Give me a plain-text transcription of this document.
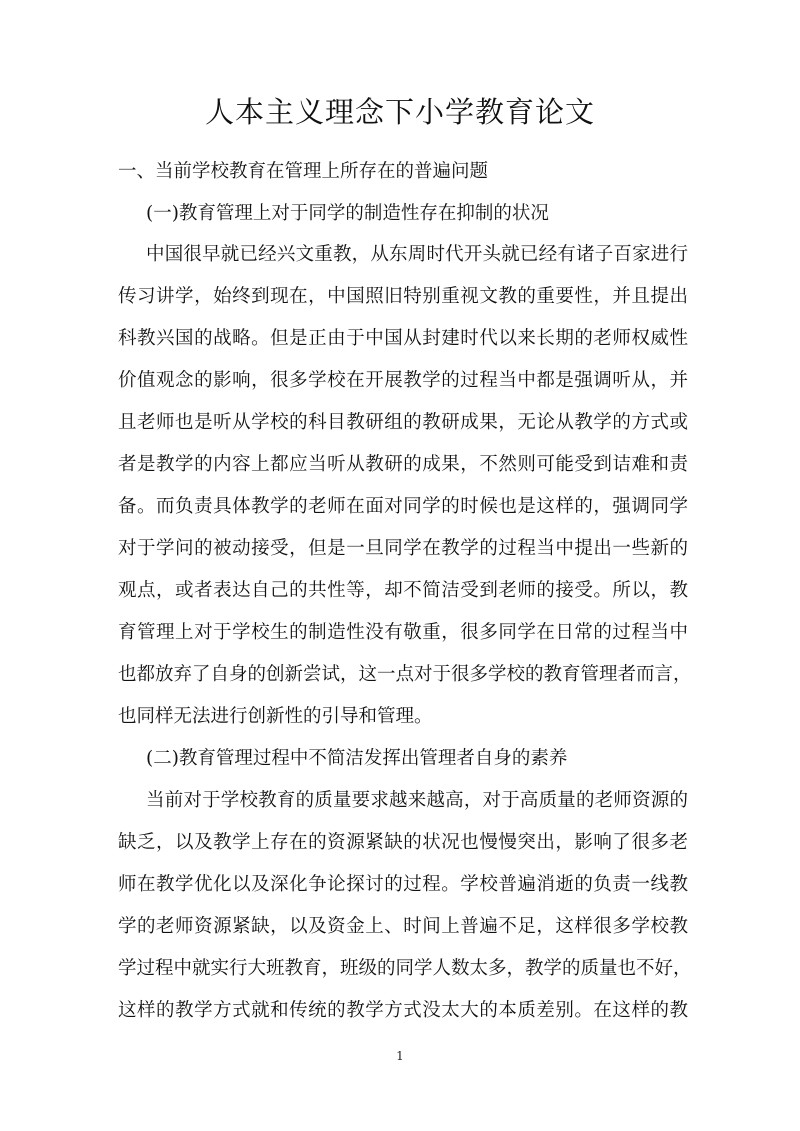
人本主义理念下小学教育论文
一、当前学校教育在管理上所存在的普遍问题
(一)教育管理上对于同学的制造性存在抑制的状况
中国很早就已经兴文重教，从东周时代开头就已经有诸子百家进行
传习讲学，始终到现在，中国照旧特别重视文教的重要性，并且提出
科教兴国的战略。但是正由于中国从封建时代以来长期的老师权威性
价值观念的影响，很多学校在开展教学的过程当中都是强调听从，并
且老师也是听从学校的科目教研组的教研成果，无论从教学的方式或
者是教学的内容上都应当听从教研的成果，不然则可能受到诘难和责
备。而负责具体教学的老师在面对同学的时候也是这样的，强调同学
对于学问的被动接受，但是一旦同学在教学的过程当中提出一些新的
观点，或者表达自己的共性等，却不简洁受到老师的接受。所以，教
育管理上对于学校生的制造性没有敬重，很多同学在日常的过程当中
也都放弃了自身的创新尝试，这一点对于很多学校的教育管理者而言，
也同样无法进行创新性的引导和管理。
(二)教育管理过程中不简洁发挥出管理者自身的素养
当前对于学校教育的质量要求越来越高，对于高质量的老师资源的
缺乏，以及教学上存在的资源紧缺的状况也慢慢突出，影响了很多老
师在教学优化以及深化争论探讨的过程。学校普遍消逝的负责一线教
学的老师资源紧缺，以及资金上、时间上普遍不足，这样很多学校教
学过程中就实行大班教育，班级的同学人数太多，教学的质量也不好，
这样的教学方式就和传统的教学方式没太大的本质差别。在这样的教
1
